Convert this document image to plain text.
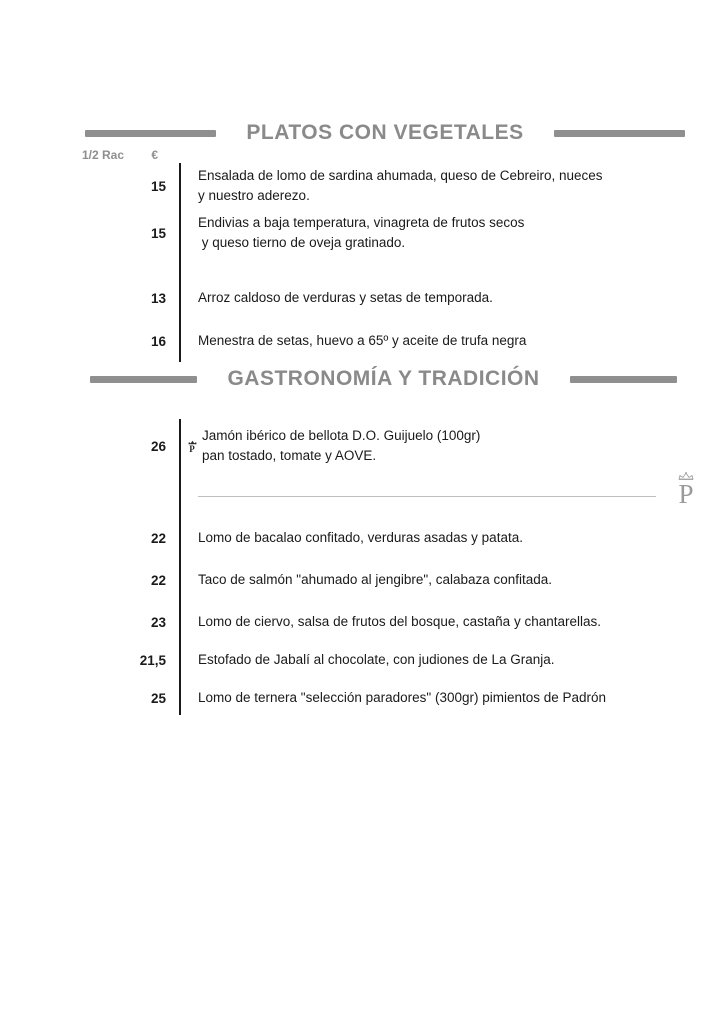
PLATOS CON VEGETALES
1/2 Rac €
15
Ensalada de lomo de sardina ahumada, queso de Cebreiro, nueces
y nuestro aderezo.
15
Endivias a baja temperatura, vinagreta de frutos secos
y queso tierno de oveja gratinado.
13 Arroz caldoso de verduras y setas de temporada.
16 Menestra de setas, huevo a 65º y aceite de trufa negra
GASTRONOMÍA Y TRADICIÓN
26	P
Jamón ibérico de bellota D.O. Guijuelo (100gr)
pan tostado, tomate y AOVE.
22 Lomo de bacalao confitado, verduras asadas y patata.
22 Taco de salmón "ahumado al jengibre", calabaza confitada.
23 Lomo de ciervo, salsa de frutos del bosque, castaña y chantarellas.
21,5 Estofado de Jabalí al chocolate, con judiones de La Granja.
25 Lomo de ternera "selección paradores" (300gr) pimientos de Padrón
P
